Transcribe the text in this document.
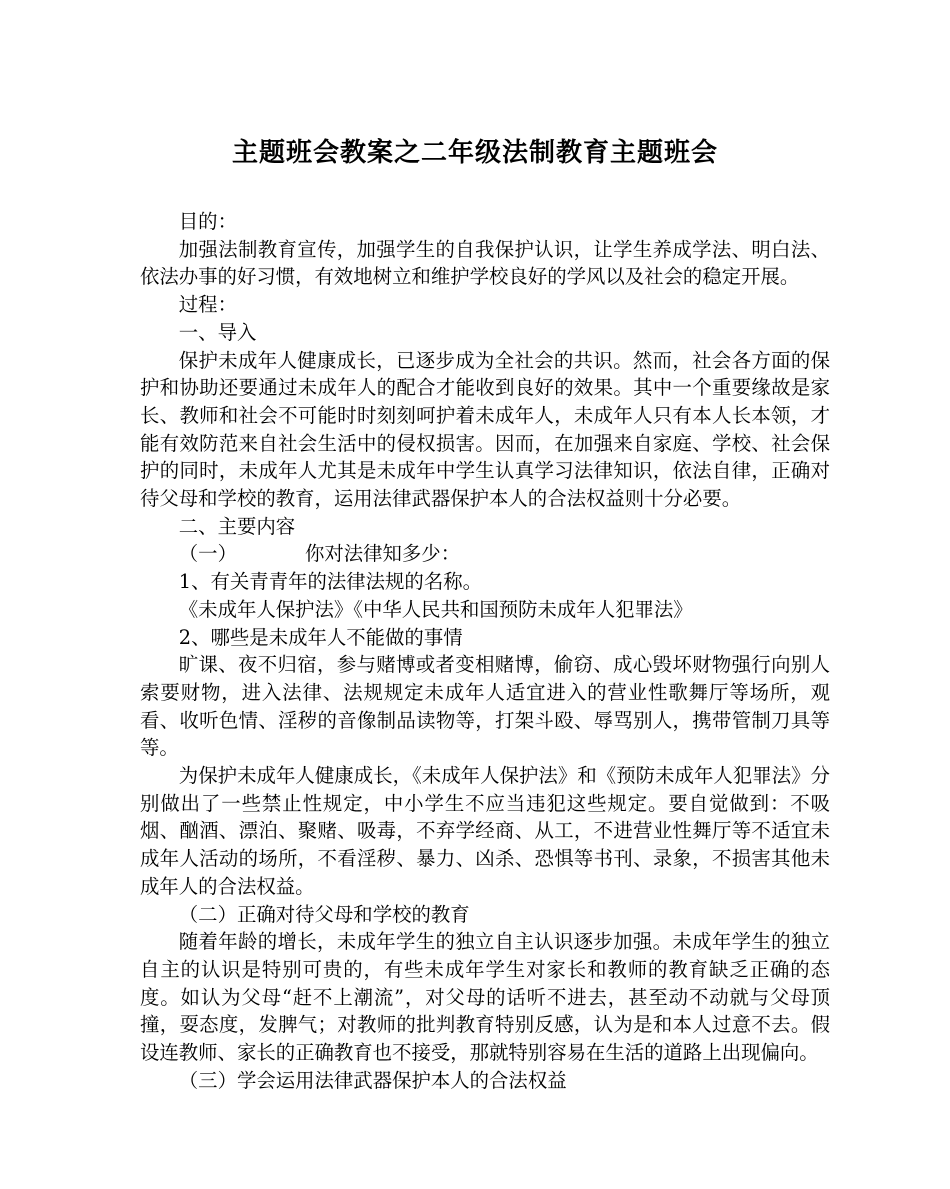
主题班会教案之二年级法制教育主题班会

目的：

加强法制教育宣传，加强学生的自我保护认识，让学生养成学法、明白法、依法办事的好习惯，有效地树立和维护学校良好的学风以及社会的稳定开展。

过程：

一、导入

保护未成年人健康成长，已逐步成为全社会的共识。然而，社会各方面的保护和协助还要通过未成年人的配合才能收到良好的效果。其中一个重要缘故是家长、教师和社会不可能时时刻刻呵护着未成年人，未成年人只有本人长本领，才能有效防范来自社会生活中的侵权损害。因而，在加强来自家庭、学校、社会保护的同时，未成年人尤其是未成年中学生认真学习法律知识，依法自律，正确对待父母和学校的教育，运用法律武器保护本人的合法权益则十分必要。

二、主要内容

（一）	你对法律知多少：

1、有关青青年的法律法规的名称。

《未成年人保护法》《中华人民共和国预防未成年人犯罪法》

2、哪些是未成年人不能做的事情

旷课、夜不归宿，参与赌博或者变相赌博，偷窃、成心毁坏财物强行向别人索要财物，进入法律、法规规定未成年人适宜进入的营业性歌舞厅等场所，观看、收听色情、淫秽的音像制品读物等，打架斗殴、辱骂别人，携带管制刀具等等。

为保护未成年人健康成长，《未成年人保护法》和《预防未成年人犯罪法》分别做出了一些禁止性规定，中小学生不应当违犯这些规定。要自觉做到：不吸烟、酗酒、漂泊、聚赌、吸毒，不弃学经商、从工，不进营业性舞厅等不适宜未成年人活动的场所，不看淫秽、暴力、凶杀、恐惧等书刊、录象，不损害其他未成年人的合法权益。

（二）正确对待父母和学校的教育

随着年龄的增长，未成年学生的独立自主认识逐步加强。未成年学生的独立自主的认识是特别可贵的，有些未成年学生对家长和教师的教育缺乏正确的态度。如认为父母“赶不上潮流”，对父母的话听不进去，甚至动不动就与父母顶撞，耍态度，发脾气；对教师的批判教育特别反感，认为是和本人过意不去。假设连教师、家长的正确教育也不接受，那就特别容易在生活的道路上出现偏向。

（三）学会运用法律武器保护本人的合法权益
